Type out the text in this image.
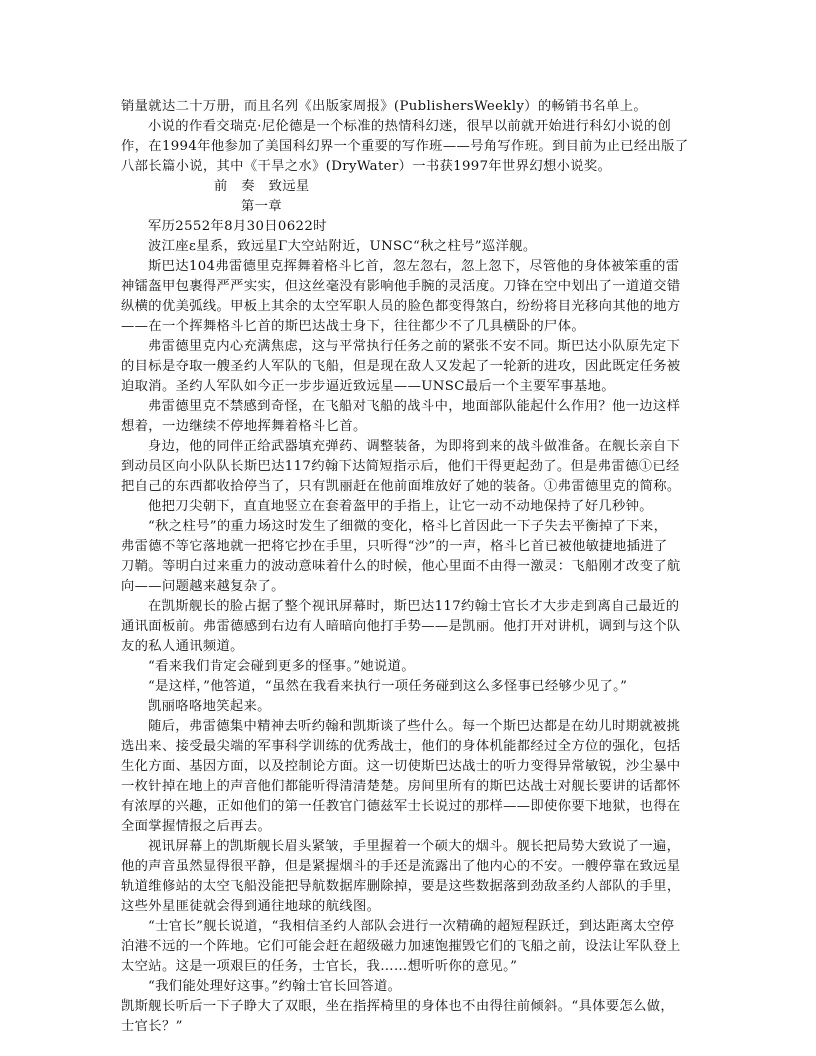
销量就达二十万册，而且名列《出版家周报》(PublishersWeekly）的畅销书名单上。
小说的作看交瑞克·尼伦德是一个标准的热情科幻迷，很早以前就开始进行科幻小说的创
作，在1994年他参加了美国科幻界一个重要的写作班——号角写作班。到目前为止已经出版了
八部长篇小说，其中《干旱之水》(DryWater）一书获1997年世界幻想小说奖。
前　奏　致远星
第一章
军历2552年8月30日0622时
波江座ε星系，致远星Γ大空站附近，UNSC“秋之柱号”巡洋舰。
斯巴达104弗雷德里克挥舞着格斗匕首，忽左忽右，忽上忽下，尽管他的身体被笨重的雷
神镭盔甲包裹得严严实实，但这丝毫没有影响他手腕的灵活度。刀锋在空中划出了一道道交错
纵横的优美弧线。甲板上其余的太空军职人员的脸色都变得煞白，纷纷将目光移向其他的地方
——在一个挥舞格斗匕首的斯巴达战士身下，往往都少不了几具横卧的尸体。
弗雷德里克内心充满焦虑，这与平常执行任务之前的紧张不安不同。斯巴达小队原先定下
的目标是夺取一艘圣约人军队的飞船，但是现在敌人又发起了一轮新的进攻，因此既定任务被
迫取消。圣约人军队如今正一步步逼近致远星——UNSC最后一个主要军事基地。
弗雷德里克不禁感到奇怪，在飞船对飞船的战斗中，地面部队能起什么作用？他一边这样
想着，一边继续不停地挥舞着格斗匕首。
身边，他的同伴正给武器填充弹药、调整装备，为即将到来的战斗做准备。在舰长亲自下
到动员区向小队队长斯巴达117约翰下达简短指示后，他们干得更起劲了。但是弗雷德①已经
把自己的东西都收拾停当了，只有凯丽赶在他前面堆放好了她的装备。①弗雷德里克的简称。
他把刀尖朝下，直直地竖立在套着盔甲的手指上，让它一动不动地保持了好几秒钟。
“秋之柱号”的重力场这时发生了细微的变化，格斗匕首因此一下子失去平衡掉了下来，
弗雷德不等它落地就一把将它抄在手里，只听得“沙”的一声，格斗匕首已被他敏捷地插进了
刀鞘。等明白过来重力的波动意味着什么的时候，他心里面不由得一激灵：飞船刚才改变了航
向——问题越来越复杂了。
在凯斯舰长的脸占据了整个视讯屏幕时，斯巴达117约翰士官长才大步走到离自己最近的
通讯面板前。弗雷德感到右边有人暗暗向他打手势——是凯丽。他打开对讲机，调到与这个队
友的私人通讯频道。
“看来我们肯定会碰到更多的怪事。”她说道。
“是这样，”他答道，“虽然在我看来执行一项任务碰到这么多怪事已经够少见了。”
凯丽咯咯地笑起来。
随后，弗雷德集中精神去听约翰和凯斯谈了些什么。每一个斯巴达都是在幼儿时期就被挑
选出来、接受最尖端的军事科学训练的优秀战士，他们的身体机能都经过全方位的强化，包括
生化方面、基因方面，以及控制论方面。这一切使斯巴达战士的听力变得异常敏锐，沙尘暴中
一枚针掉在地上的声音他们都能听得清清楚楚。房间里所有的斯巴达战士对舰长要讲的话都怀
有浓厚的兴趣，正如他们的第一任教官门德兹军士长说过的那样——即使你要下地狱，也得在
全面掌握情报之后再去。
视讯屏幕上的凯斯舰长眉头紧皱，手里握着一个硕大的烟斗。舰长把局势大致说了一遍，
他的声音虽然显得很平静，但是紧握烟斗的手还是流露出了他内心的不安。一艘停靠在致远星
轨道维修站的太空飞船没能把导航数据库删除掉，要是这些数据落到劲敌圣约人部队的手里，
这些外星匪徒就会得到通往地球的航线图。
“士官长”舰长说道，“我相信圣约人部队会进行一次精确的超短程跃迁，到达距离太空停
泊港不远的一个阵地。它们可能会赶在超级磁力加速饱摧毁它们的飞船之前，设法让军队登上
太空站。这是一项艰巨的任务，士官长，我……想听听你的意见。”
“我们能处理好这事。”约翰士官长回答道。
凯斯舰长听后一下子睁大了双眼，坐在指挥椅里的身体也不由得往前倾斜。“具体要怎么做，
士官长？”
